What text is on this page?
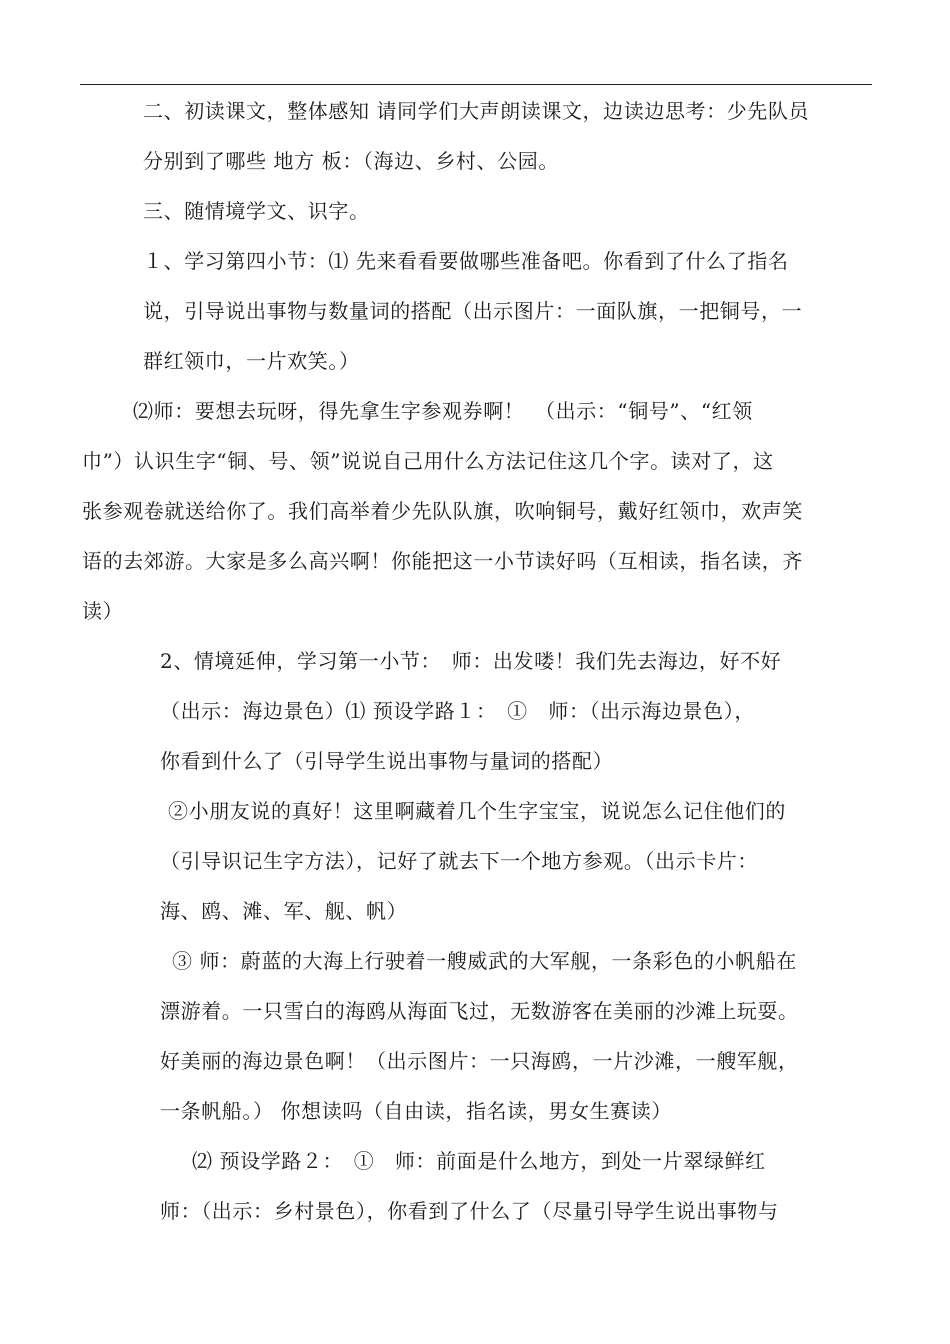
二、初读课文，整体感知 请同学们大声朗读课文，边读边思考：少先队员
分别到了哪些 地方 板：（海边、乡村、公园。
三、随情境学文、识字。
１、学习第四小节：⑴ 先来看看要做哪些准备吧。你看到了什么了指名
说，引导说出事物与数量词的搭配（出示图片：一面队旗，一把铜号，一
群红领巾，一片欢笑。）
⑵师：要想去玩呀，得先拿生字参观券啊！　（出示：“铜号”、“红领
巾”）认识生字“铜、号、领”说说自己用什么方法记住这几个字。读对了，这
张参观卷就送给你了。我们高举着少先队队旗，吹响铜号，戴好红领巾，欢声笑
语的去郊游。大家是多么高兴啊！你能把这一小节读好吗（互相读，指名读，齐
读）
2、情境延伸，学习第一小节：　师：出发喽！我们先去海边，好不好
（出示：海边景色）⑴ 预设学路１：　①　师：（出示海边景色），
你看到什么了（引导学生说出事物与量词的搭配）
②小朋友说的真好！这里啊藏着几个生字宝宝，说说怎么记住他们的
（引导识记生字方法），记好了就去下一个地方参观。（出示卡片：
海、鸥、滩、军、舰、帆）
③ 师：蔚蓝的大海上行驶着一艘威武的大军舰，一条彩色的小帆船在
漂游着。一只雪白的海鸥从海面飞过，无数游客在美丽的沙滩上玩耍。
好美丽的海边景色啊！（出示图片：一只海鸥，一片沙滩，一艘军舰，
一条帆船。） 你想读吗（自由读，指名读，男女生赛读）
⑵ 预设学路２：　①　师：前面是什么地方，到处一片翠绿鲜红
师：（出示：乡村景色），你看到了什么了（尽量引导学生说出事物与
